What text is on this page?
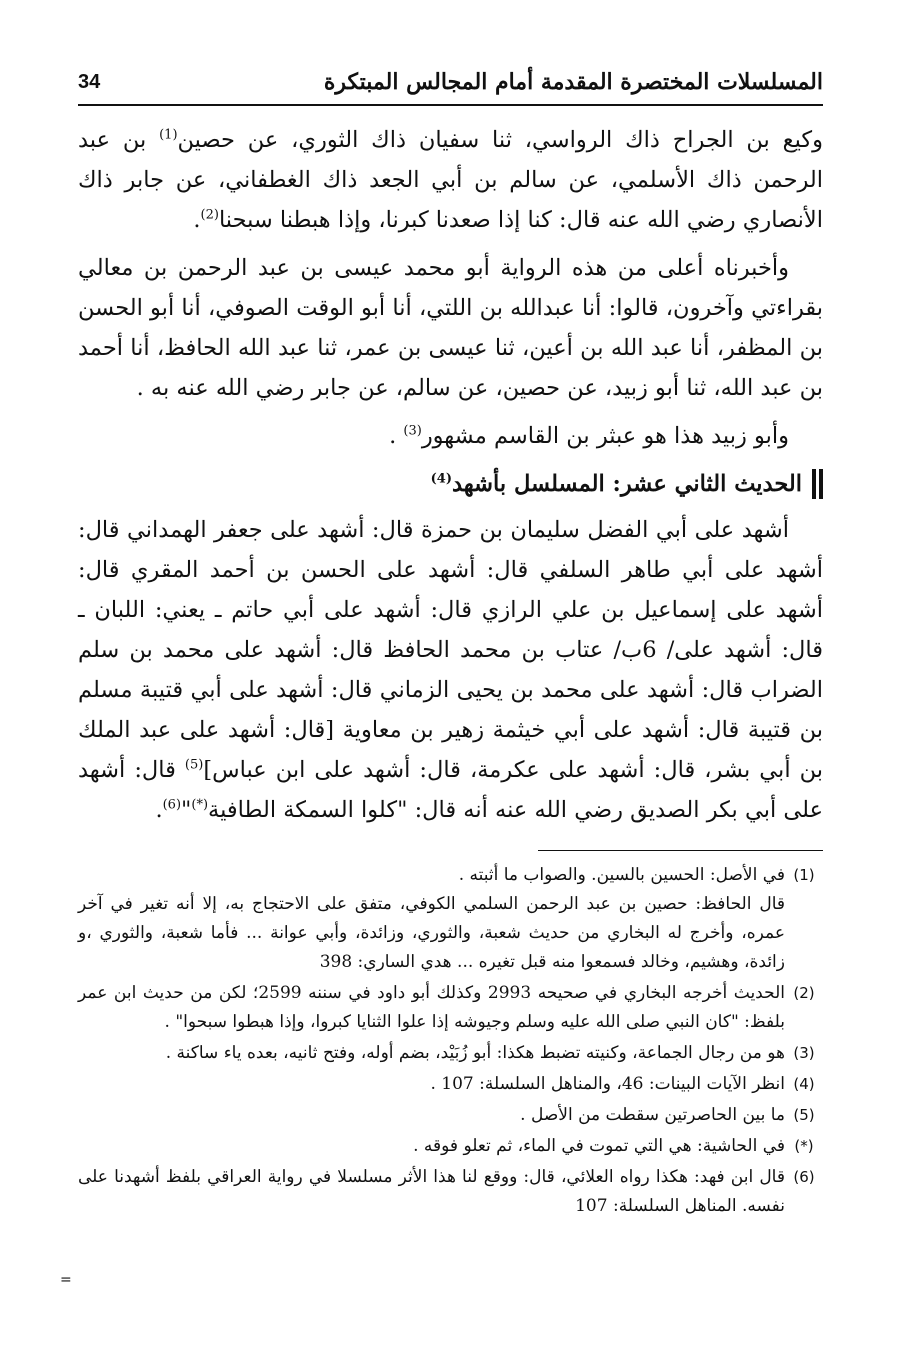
المسلسلات المختصرة المقدمة أمام المجالس المبتكرة
34

وكيع بن الجراح ذاك الرواسي، ثنا سفيان ذاك الثوري، عن حصين$^{(1)}$ بن عبد الرحمن ذاك الأسلمي، عن سالم بن أبي الجعد ذاك الغطفاني، عن جابر ذاك الأنصاري رضي الله عنه قال: كنا إذا صعدنا كبرنا، وإذا هبطنا سبحنا$^{(2)}$.

وأخبرناه أعلى من هذه الرواية أبو محمد عيسى بن عبد الرحمن بن معالي بقراءتي وآخرون، قالوا: أنا عبدالله بن اللتي، أنا أبو الوقت الصوفي، أنا أبو الحسن بن المظفر، أنا عبد الله بن أعين، ثنا عيسى بن عمر، ثنا عبد الله الحافظ، أنا أحمد بن عبد الله، ثنا أبو زبيد، عن حصين، عن سالم، عن جابر رضي الله عنه به .

وأبو زبيد هذا هو عبثر بن القاسم مشهور$^{(3)}$ .

الحديث الثاني عشر: المسلسل بأشهد$^{(4)}$

أشهد على أبي الفضل سليمان بن حمزة قال: أشهد على جعفر الهمداني قال: أشهد على أبي طاهر السلفي قال: أشهد على الحسن بن أحمد المقري قال: أشهد على إسماعيل بن علي الرازي قال: أشهد على أبي حاتم ـ يعني: اللبان ـ قال: أشهد على/ 6ب/ عتاب بن محمد الحافظ قال: أشهد على محمد بن سلم الضراب قال: أشهد على محمد بن يحيى الزماني قال: أشهد على أبي قتيبة مسلم بن قتيبة قال: أشهد على أبي خيثمة زهير بن معاوية [قال: أشهد على عبد الملك بن أبي بشر، قال: أشهد على عكرمة، قال: أشهد على ابن عباس]$^{(5)}$ قال: أشهد على أبي بكر الصديق رضي الله عنه أنه قال: "كلوا السمكة الطافية(*)"$^{(6)}$.

(1)
في الأصل: الحسين بالسين. والصواب ما أثبته .
قال الحافظ: حصين بن عبد الرحمن السلمي الكوفي، متفق على الاحتجاج به، إلا أنه تغير في آخر عمره، وأخرج له البخاري من حديث شعبة، والثوري، وزائدة، وأبي عوانة ... فأما شعبة، والثوري ،و زائدة، وهشيم، وخالد فسمعوا منه قبل تغيره ... هدي الساري: 398
(2)
الحديث أخرجه البخاري في صحيحه 2993 وكذلك أبو داود في سننه 2599؛ لكن من حديث ابن عمر بلفظ: "كان النبي صلى الله عليه وسلم وجيوشه إذا علوا الثنايا كبروا، وإذا هبطوا سبحوا" .
(3)
هو من رجال الجماعة، وكنيته تضبط هكذا: أبو زُبَيْد، بضم أوله، وفتح ثانيه، بعده ياء ساكنة .
(4)
انظر الآيات البينات: 46، والمناهل السلسلة: 107 .
(5)
ما بين الحاصرتين سقطت من الأصل .
(*)
في الحاشية: هي التي تموت في الماء، ثم تعلو فوقه .
(6)
قال ابن فهد: هكذا رواه العلائي، قال: ووقع لنا هذا الأثر مسلسلا في رواية العراقي بلفظ أشهدنا على نفسه. المناهل السلسلة: 107
=
